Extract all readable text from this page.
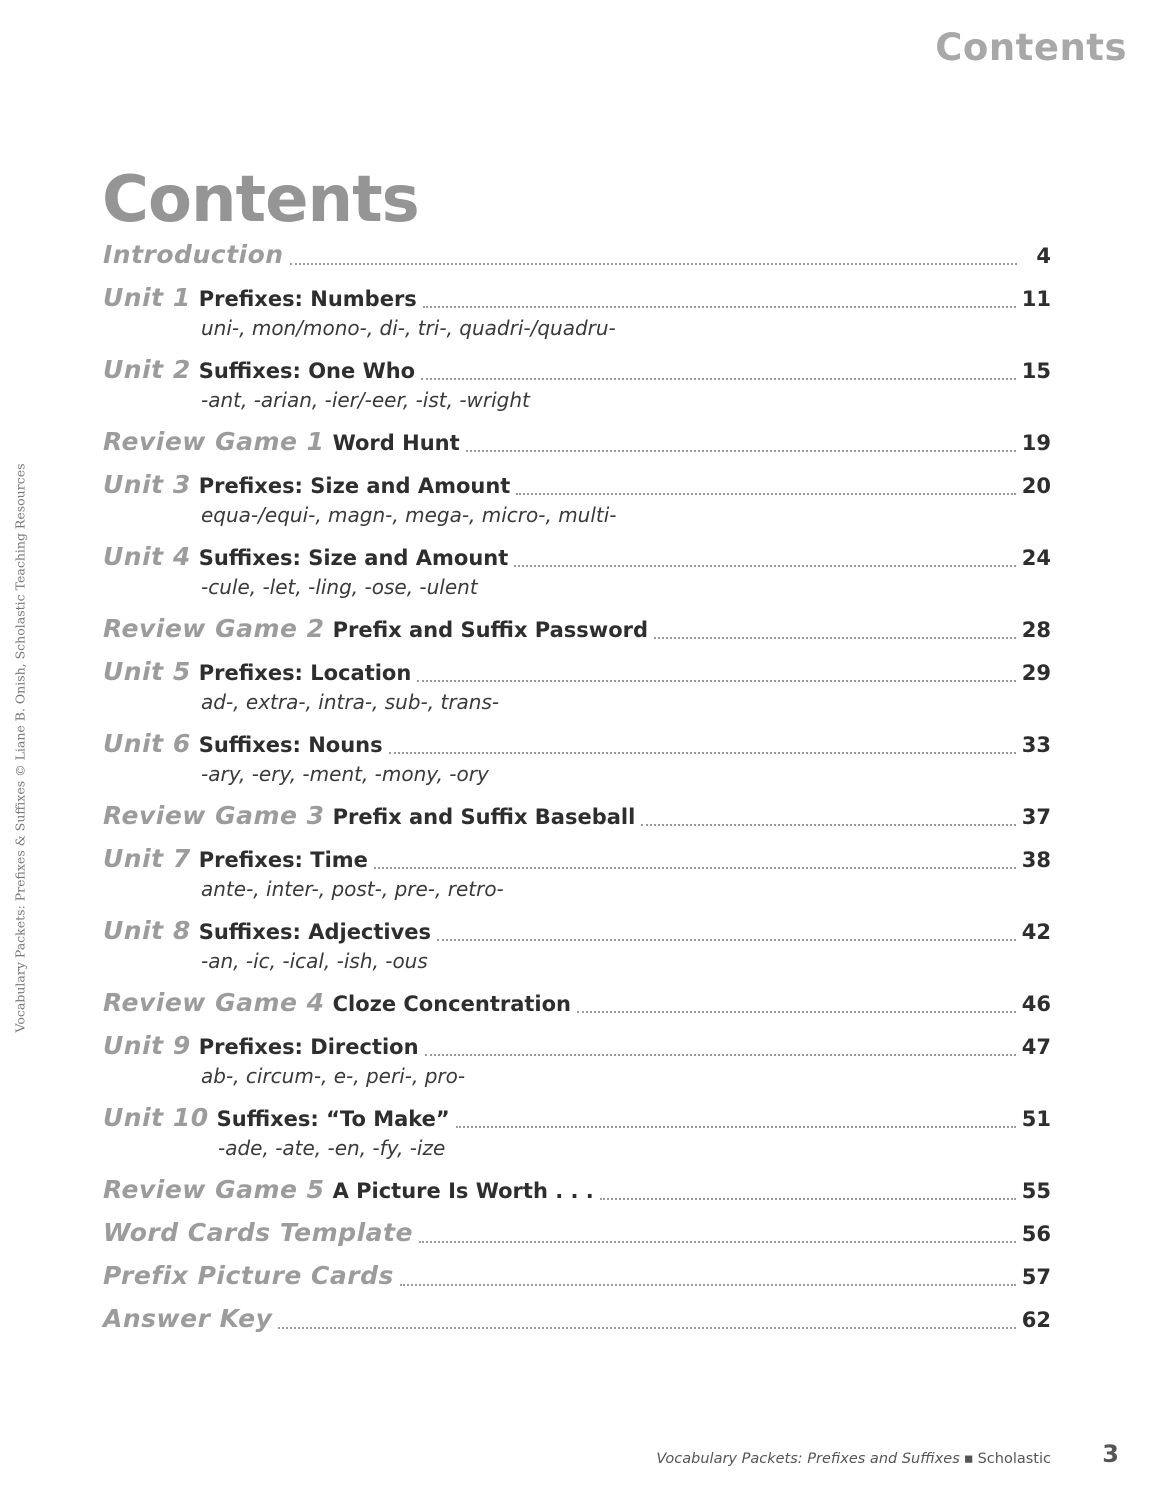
Contents
Vocabulary Packets: Prefixes & Suffixes © Liane B. Onish, Scholastic Teaching Resources
Contents
Introduction	4
Unit 1 Prefixes: Numbers	11
uni-, mon/mono-, di-, tri-, quadri-/quadru-
Unit 2 Suffixes: One Who	15
-ant, -arian, -ier/-eer, -ist, -wright
Review Game 1 Word Hunt	19
Unit 3 Prefixes: Size and Amount	20
equa-/equi-, magn-, mega-, micro-, multi-
Unit 4 Suffixes: Size and Amount	24
-cule, -let, -ling, -ose, -ulent
Review Game 2 Prefix and Suffix Password	28
Unit 5 Prefixes: Location	29
ad-, extra-, intra-, sub-, trans-
Unit 6 Suffixes: Nouns	33
-ary, -ery, -ment, -mony, -ory
Review Game 3 Prefix and Suffix Baseball	37
Unit 7 Prefixes: Time	38
ante-, inter-, post-, pre-, retro-
Unit 8 Suffixes: Adjectives	42
-an, -ic, -ical, -ish, -ous
Review Game 4 Cloze Concentration	46
Unit 9 Prefixes: Direction	47
ab-, circum-, e-, peri-, pro-
Unit 10 Suffixes: “To Make”	51
-ade, -ate, -en, -fy, -ize
Review Game 5 A Picture Is Worth . . .	55
Word Cards Template	56
Prefix Picture Cards	57
Answer Key	62
Vocabulary Packets: Prefixes and Suffixes ▪ Scholastic 3
